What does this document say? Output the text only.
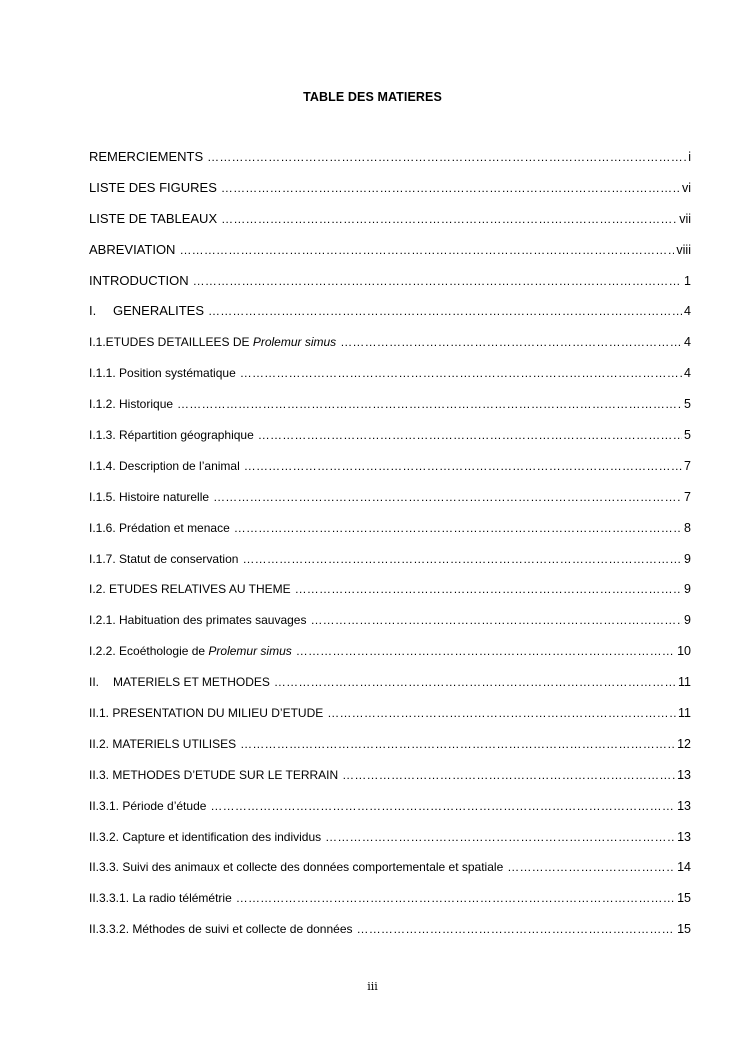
TABLE DES MATIERES
REMERCIEMENTS …………………………………………………………………………………………………………………………………………………………………………………………………………………………………………………	i
LISTE DES FIGURES …………………………………………………………………………………………………………………………………………………………………………………………………………………………………………………	vi
LISTE DE TABLEAUX …………………………………………………………………………………………………………………………………………………………………………………………………………………………………………………	vii
ABREVIATION …………………………………………………………………………………………………………………………………………………………………………………………………………………………………………………	viii
INTRODUCTION …………………………………………………………………………………………………………………………………………………………………………………………………………………………………………………	1
I. GENERALITES …………………………………………………………………………………………………………………………………………………………………………………………………………………………………………………	4
I.1.ETUDES DETAILLEES DE Prolemur simus …………………………………………………………………………………………………………………………………………………………………………………………………………………………………………………	4
I.1.1. Position systématique …………………………………………………………………………………………………………………………………………………………………………………………………………………………………………………	4
I.1.2. Historique …………………………………………………………………………………………………………………………………………………………………………………………………………………………………………………	5
I.1.3. Répartition géographique …………………………………………………………………………………………………………………………………………………………………………………………………………………………………………………	5
I.1.4. Description de l’animal …………………………………………………………………………………………………………………………………………………………………………………………………………………………………………………	7
I.1.5. Histoire naturelle …………………………………………………………………………………………………………………………………………………………………………………………………………………………………………………	7
I.1.6. Prédation et menace …………………………………………………………………………………………………………………………………………………………………………………………………………………………………………………	8
I.1.7. Statut de conservation …………………………………………………………………………………………………………………………………………………………………………………………………………………………………………………	9
I.2. ETUDES RELATIVES AU THEME …………………………………………………………………………………………………………………………………………………………………………………………………………………………………………………	9
I.2.1. Habituation des primates sauvages …………………………………………………………………………………………………………………………………………………………………………………………………………………………………………………	9
I.2.2. Ecoéthologie de Prolemur simus …………………………………………………………………………………………………………………………………………………………………………………………………………………………………………………	10
II. MATERIELS ET METHODES …………………………………………………………………………………………………………………………………………………………………………………………………………………………………………………	11
II.1. PRESENTATION DU MILIEU D’ETUDE …………………………………………………………………………………………………………………………………………………………………………………………………………………………………………………	11
II.2. MATERIELS UTILISES …………………………………………………………………………………………………………………………………………………………………………………………………………………………………………………	12
II.3. METHODES D’ETUDE SUR LE TERRAIN …………………………………………………………………………………………………………………………………………………………………………………………………………………………………………………	13
II.3.1. Période d’étude …………………………………………………………………………………………………………………………………………………………………………………………………………………………………………………	13
II.3.2. Capture et identification des individus …………………………………………………………………………………………………………………………………………………………………………………………………………………………………………………	13
II.3.3. Suivi des animaux et collecte des données comportementale et spatiale …………………………………………………………………………………………………………………………………………………………………………………………………………………………………………………	14
II.3.3.1. La radio télémétrie …………………………………………………………………………………………………………………………………………………………………………………………………………………………………………………	15
II.3.3.2. Méthodes de suivi et collecte de données …………………………………………………………………………………………………………………………………………………………………………………………………………………………………………………	15
iii
